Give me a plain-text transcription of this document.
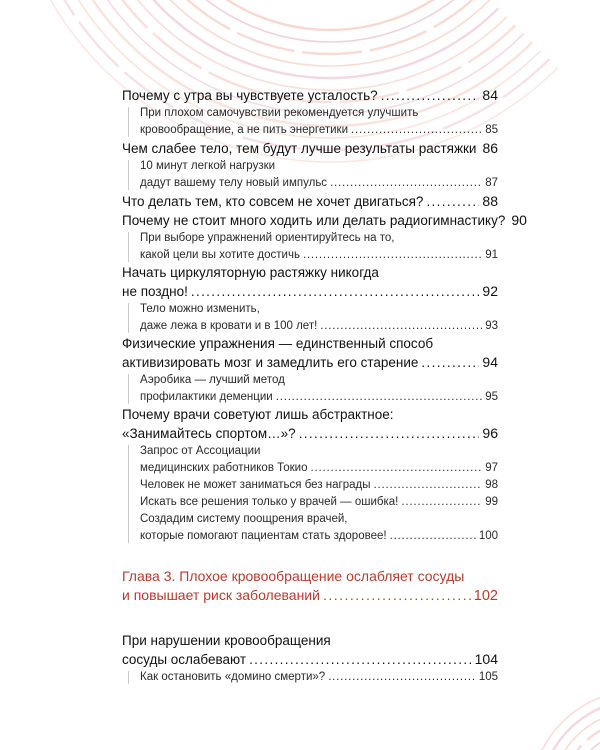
Почему с утра вы чувствуете усталость? . . .	84
При плохом самочувствии рекомендуется улучшить
кровообращение, а не пить энергетики . . .	85
Чем слабее тело, тем будут лучше результаты растяжки 86
10 минут легкой нагрузки
дадут вашему телу новый импульс . . .	87
Что делать тем, кто совсем не хочет двигаться? . . .	88
Почему не стоит много ходить или делать радиогимнастику? 90
При выборе упражнений ориентируйтесь на то,
какой цели вы хотите достичь . . .	91
Начать циркуляторную растяжку никогда
не поздно! . . .	92
Тело можно изменить,
даже лежа в кровати и в 100 лет! . . .	93
Физические упражнения — единственный способ
активизировать мозг и замедлить его старение . . .	94
Аэробика — лучший метод
профилактики деменции . . .	95
Почему врачи советуют лишь абстрактное:
«Занимайтесь спортом…»? . . .	96
Запрос от Ассоциации
медицинских работников Токио . . .	97
Человек не может заниматься без награды . . .	98
Искать все решения только у врачей — ошибка! . . .	99
Создадим систему поощрения врачей,
которые помогают пациентам стать здоровее! . . .	100
Глава 3. Плохое кровообращение ослабляет сосуды
и повышает риск заболеваний . . .	102
При нарушении кровообращения
сосуды ослабевают . . .	104
Как остановить «домино смерти»? . . .	105
